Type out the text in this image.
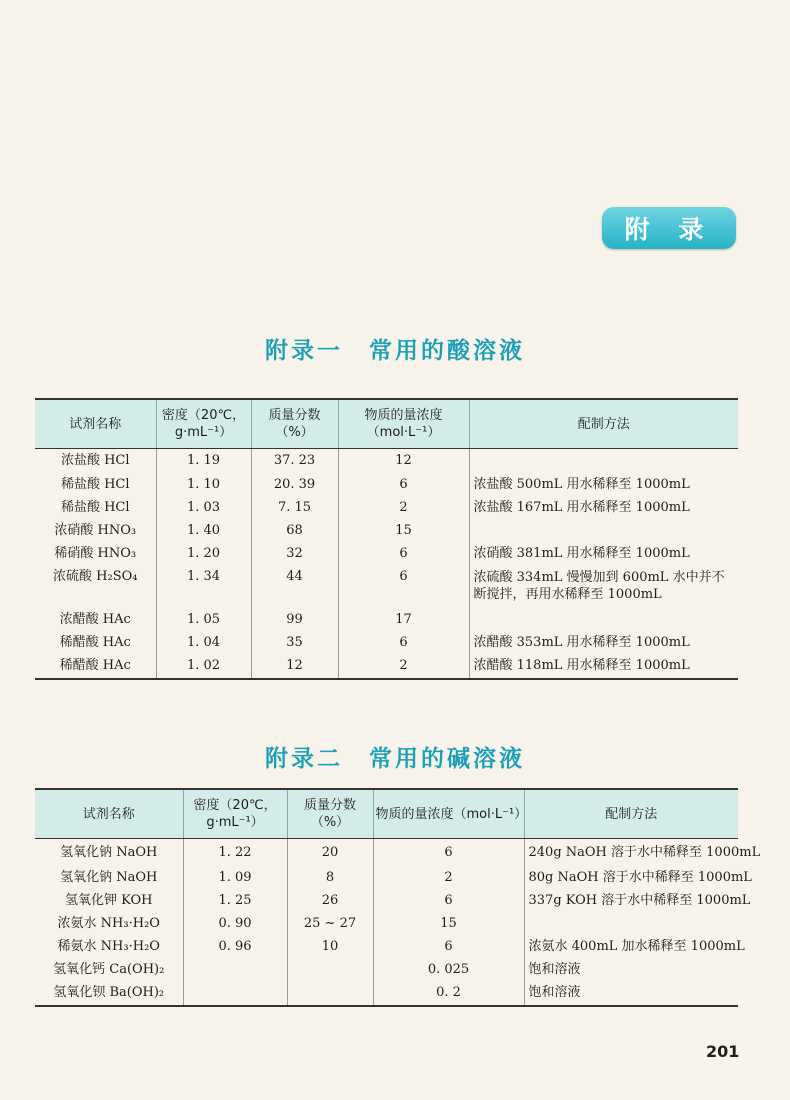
附 录
附录一　常用的酸溶液
试剂名称	密度（20℃，g·mL⁻¹）	质量分数（%）	物质的量浓度（mol·L⁻¹）	配制方法
浓盐酸 HCl	1. 19	37. 23	12	
稀盐酸 HCl	1. 10	20. 39	6	浓盐酸 500mL 用水稀释至 1000mL
稀盐酸 HCl	1. 03	7. 15	2	浓盐酸 167mL 用水稀释至 1000mL
浓硝酸 HNO₃	1. 40	68	15	
稀硝酸 HNO₃	1. 20	32	6	浓硝酸 381mL 用水稀释至 1000mL
浓硫酸 H₂SO₄	1. 34	44	6	浓硫酸 334mL 慢慢加到 600mL 水中并不断搅拌，再用水稀释至 1000mL
浓醋酸 HAc	1. 05	99	17	
稀醋酸 HAc	1. 04	35	6	浓醋酸 353mL 用水稀释至 1000mL
稀醋酸 HAc	1. 02	12	2	浓醋酸 118mL 用水稀释至 1000mL
附录二　常用的碱溶液
试剂名称	密度（20℃，g·mL⁻¹）	质量分数（%）	物质的量浓度（mol·L⁻¹）	配制方法
氢氧化钠 NaOH	1. 22	20	6	240g NaOH 溶于水中稀释至 1000mL
氢氧化钠 NaOH	1. 09	8	2	80g NaOH 溶于水中稀释至 1000mL
氢氧化钾 KOH	1. 25	26	6	337g KOH 溶于水中稀释至 1000mL
浓氨水 NH₃·H₂O	0. 90	25 ~ 27	15	
稀氨水 NH₃·H₂O	0. 96	10	6	浓氨水 400mL 加水稀释至 1000mL
氢氧化钙 Ca(OH)₂			0. 025	饱和溶液
氢氧化钡 Ba(OH)₂			0. 2	饱和溶液
201
